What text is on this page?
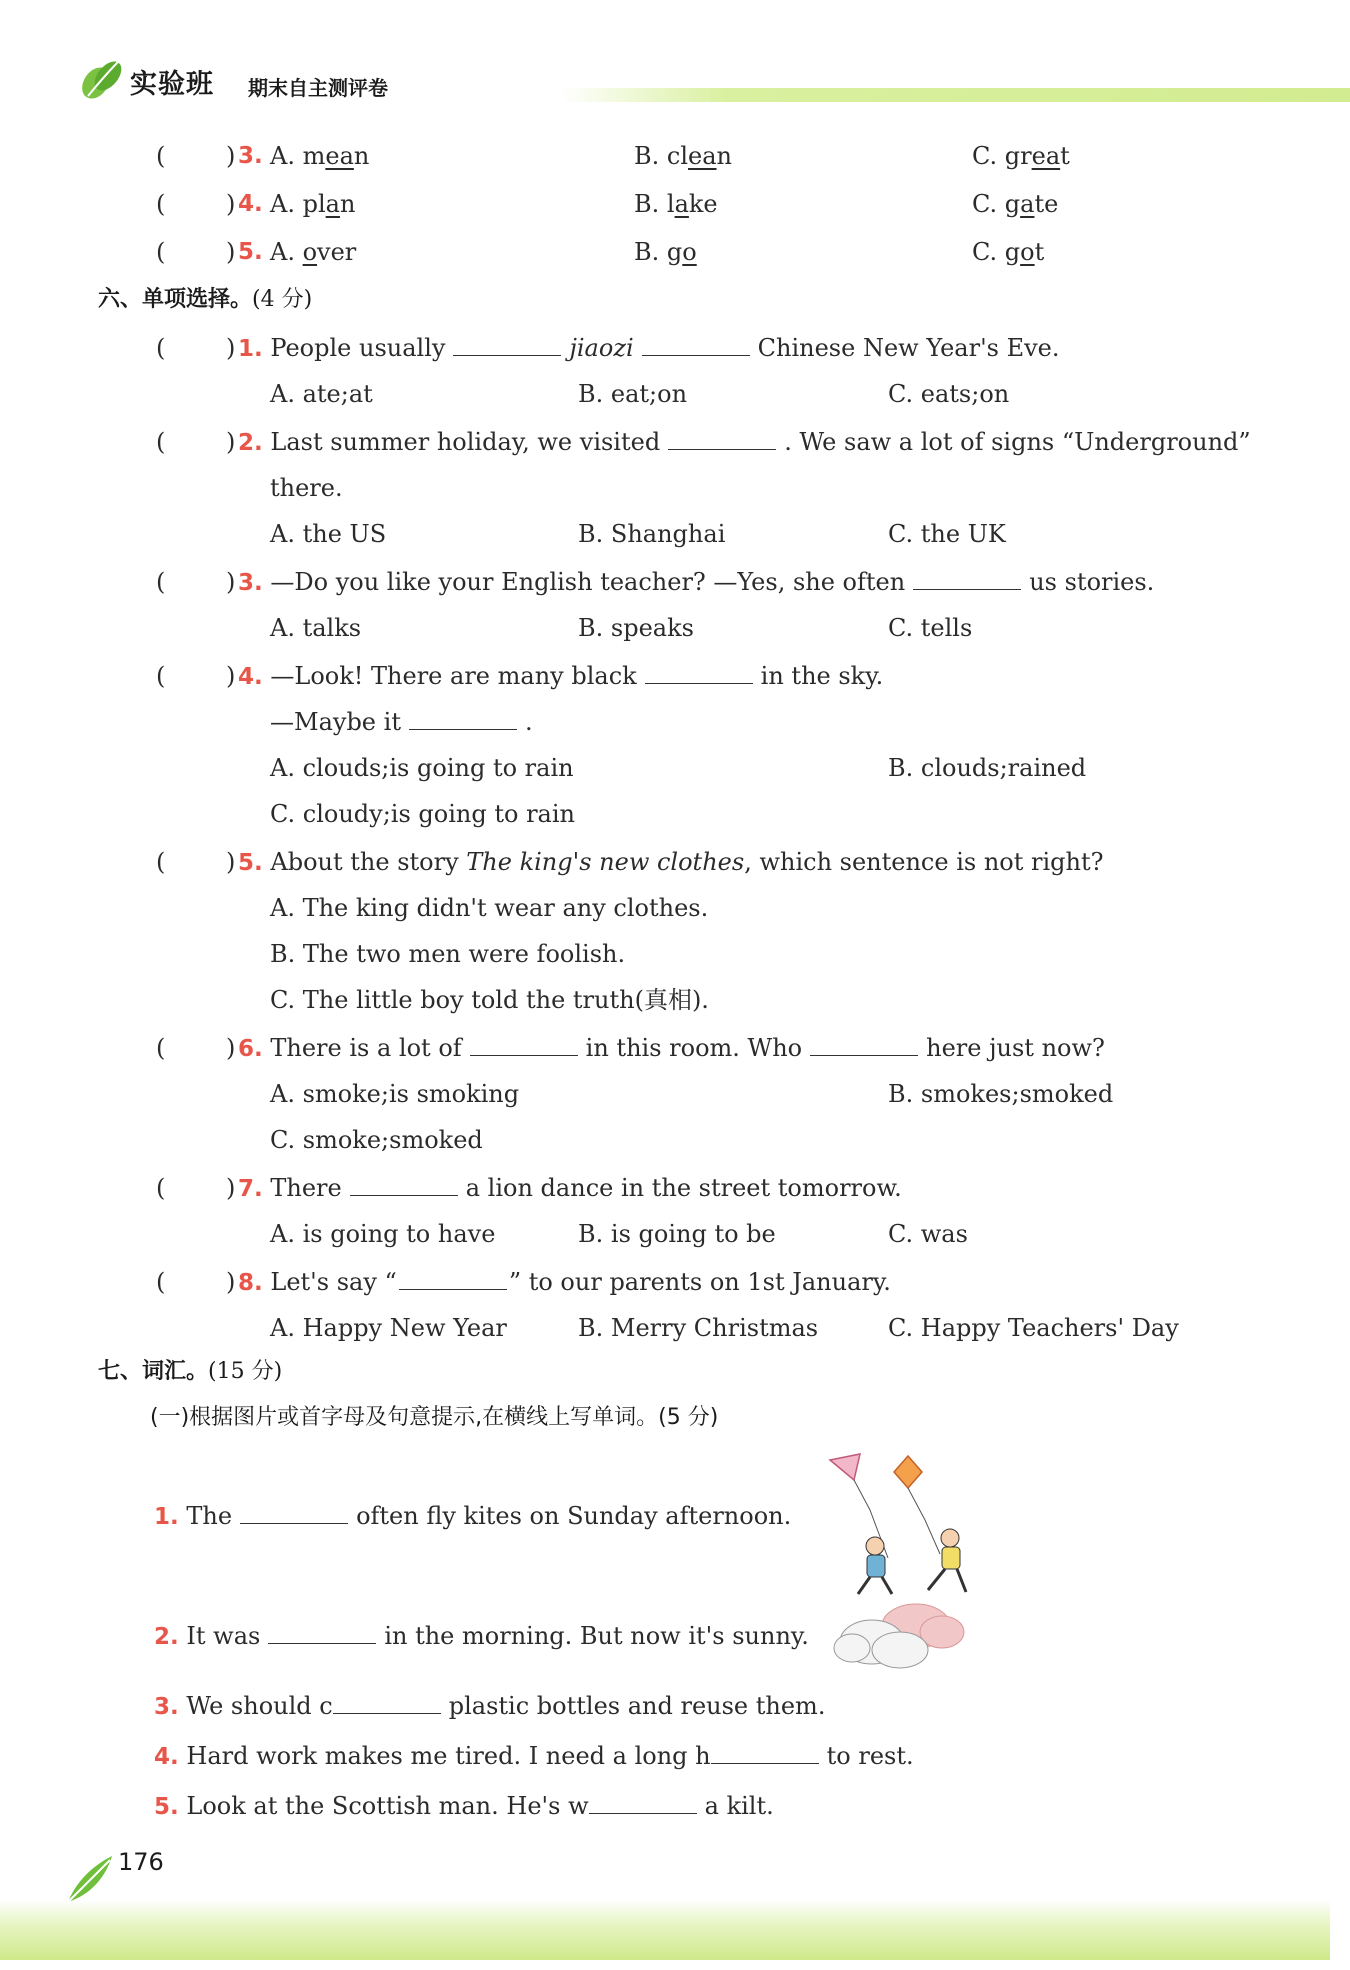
实验班 期末自主测评卷
(	) 3. A. mean	B. clean	C. great
(	) 4. A. plan	B. lake	C. gate
(	) 5. A. over	B. go	C. got
六、单项选择。(4 分)
(	) 1. People usually	jiaozi	Chinese New Year's Eve.
A. ate;at	B. eat;on	C. eats;on
(	) 2. Last summer holiday, we visited	. We saw a lot of signs “Underground”
there.
A. the US	B. Shanghai	C. the UK
(	) 3. —Do you like your English teacher? —Yes, she often	us stories.
A. talks	B. speaks	C. tells
(	) 4. —Look! There are many black	in the sky.
—Maybe it	.
A. clouds;is going to rain	B. clouds;rained
C. cloudy;is going to rain
(	) 5. About the story The king's new clothes, which sentence is not right?
A. The king didn't wear any clothes.
B. The two men were foolish.
C. The little boy told the truth(真相).
(	) 6. There is a lot of	in this room. Who	here just now?
A. smoke;is smoking	B. smokes;smoked
C. smoke;smoked
(	) 7. There	a lion dance in the street tomorrow.
A. is going to have	B. is going to be	C. was
(	) 8. Let's say “	” to our parents on 1st January.
A. Happy New Year	B. Merry Christmas	C. Happy Teachers' Day
七、词汇。(15 分)
(一)根据图片或首字母及句意提示,在横线上写单词。(5 分)
1. The	often fly kites on Sunday afternoon.
2. It was	in the morning. But now it's sunny.
3. We should c	plastic bottles and reuse them.
4. Hard work makes me tired. I need a long h	to rest.
5. Look at the Scottish man. He's w	a kilt.
176
